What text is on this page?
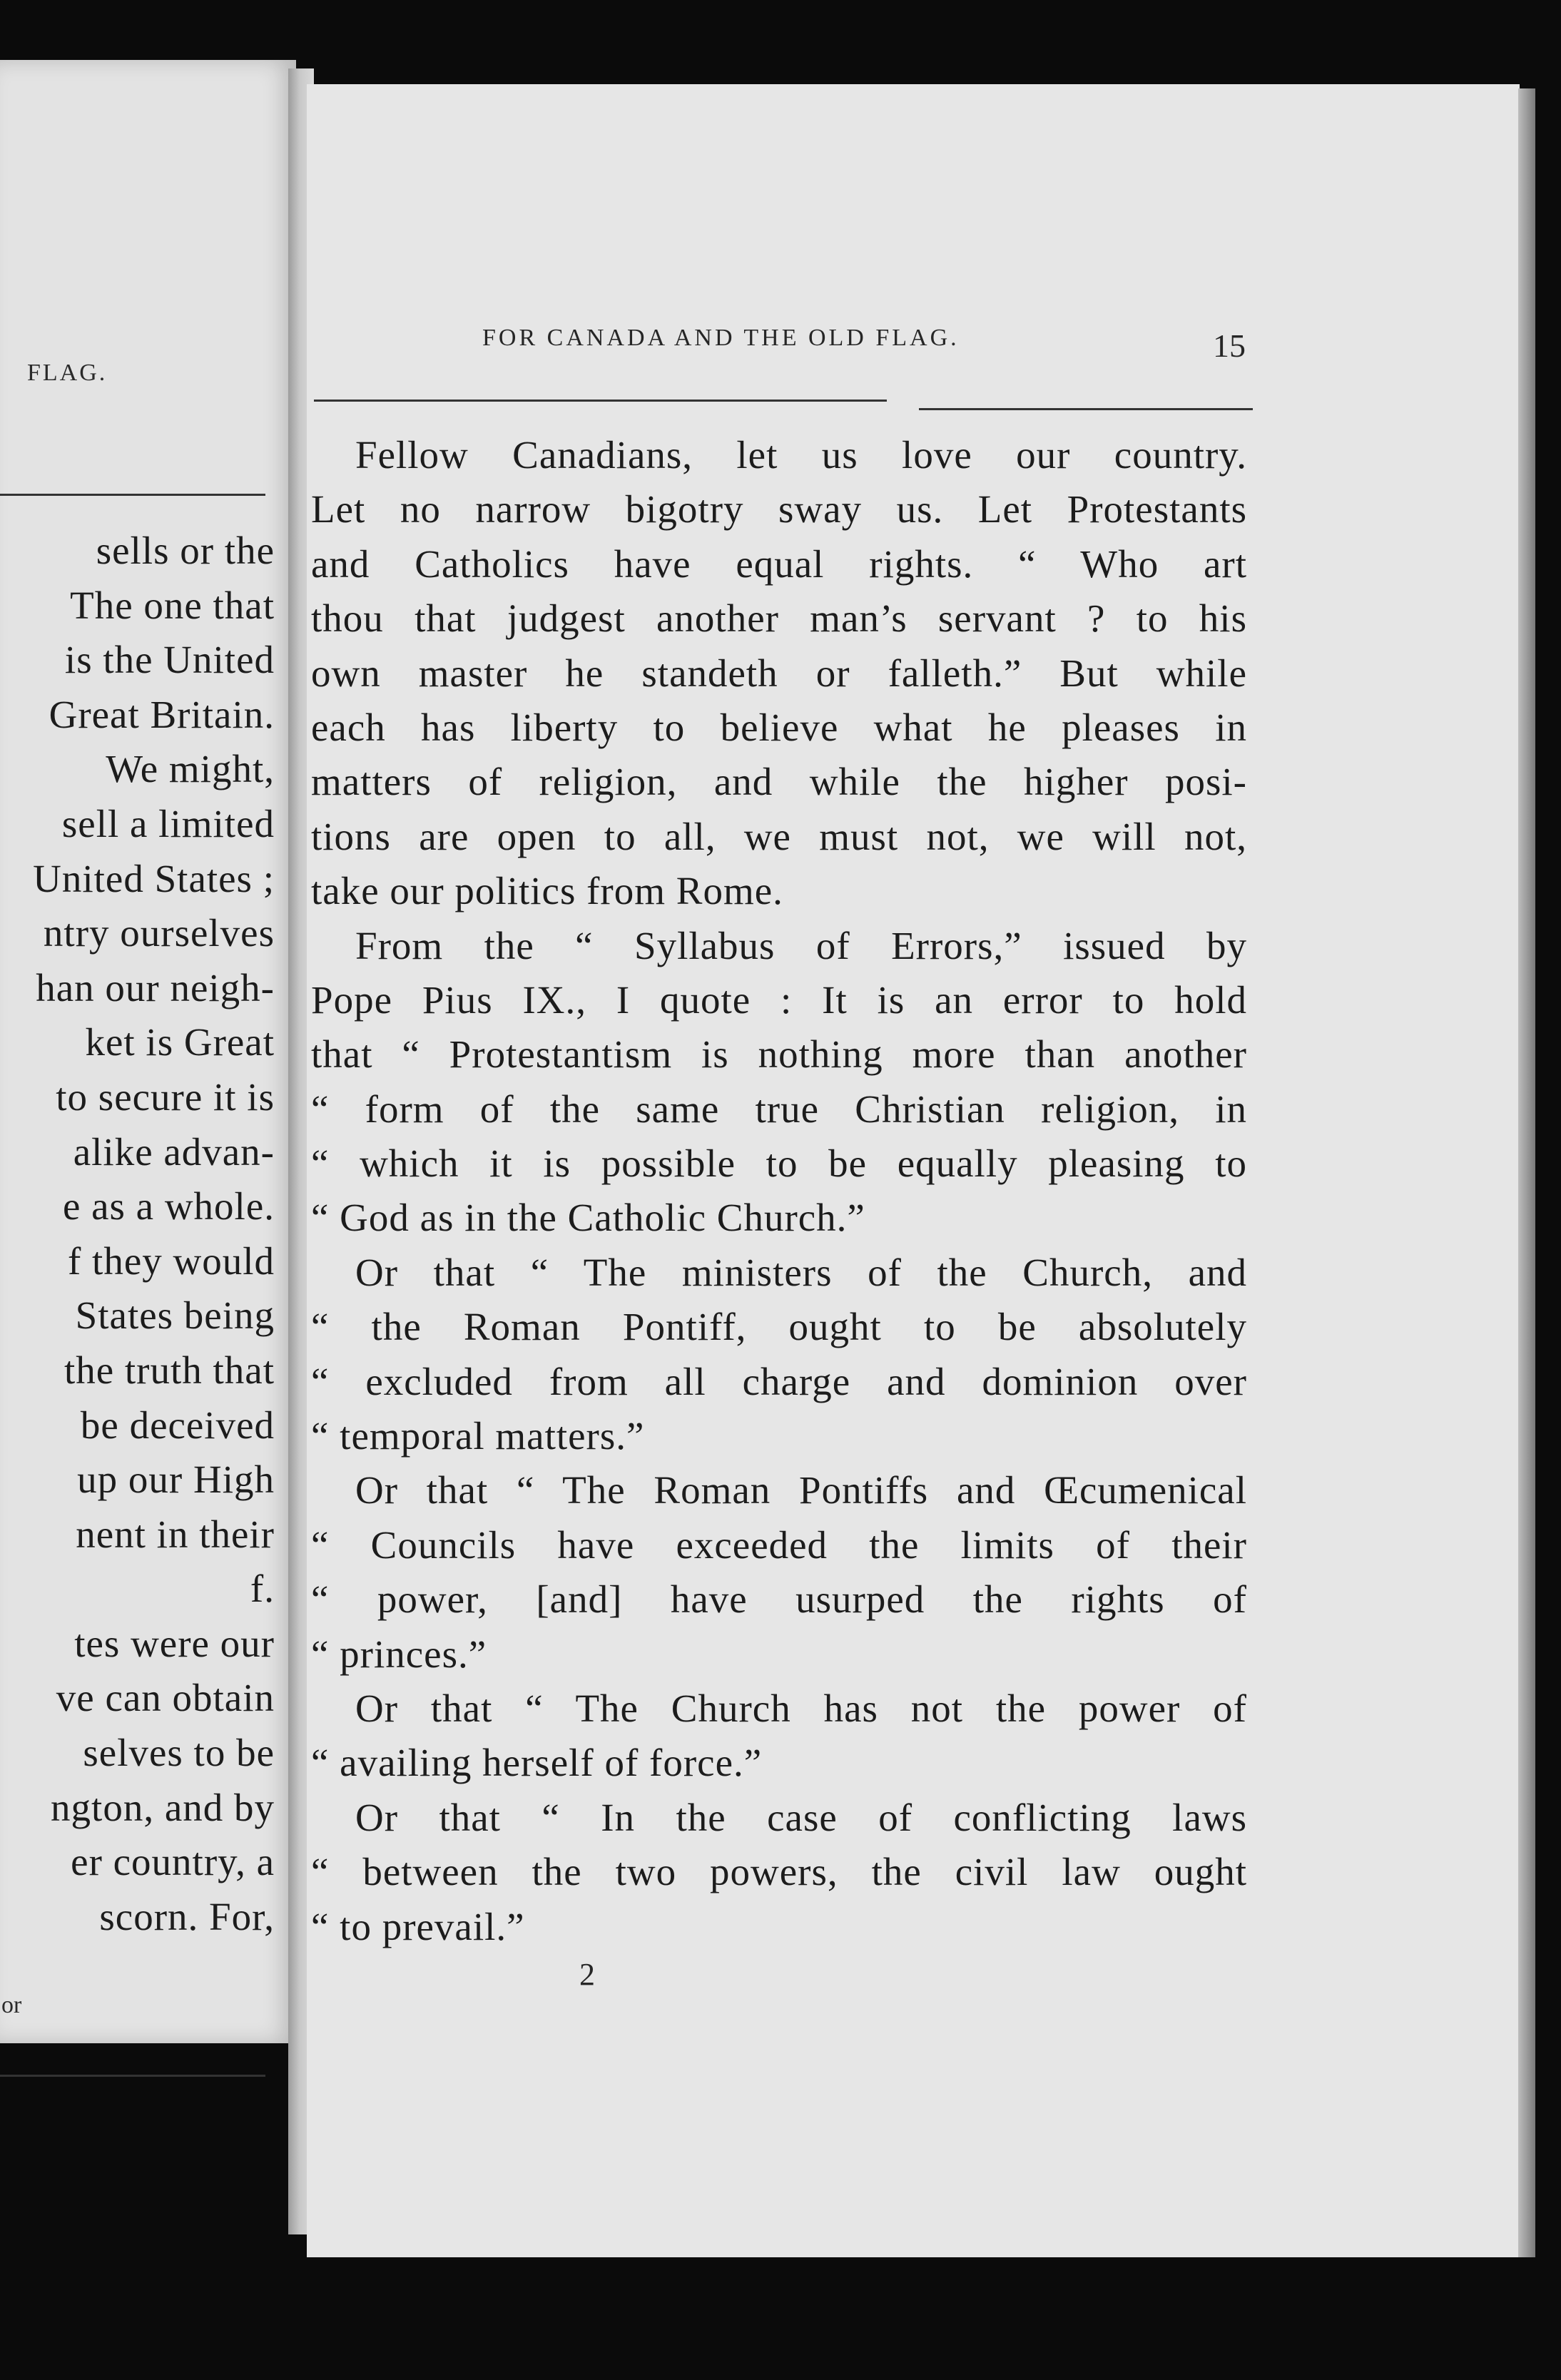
FLAG.
sells or the
The one that
is the United
Great Britain.
We might,
sell a limited
United States ;
ntry ourselves
han our neigh-
ket is Great
to secure it is
alike advan-
e as a whole.
f they would
States being
the truth that
be deceived
up our High
nent in their
f.
tes were our
ve can obtain
selves to be
ngton, and by
er country, a
scorn. For,
or
FOR CANADA AND THE OLD FLAG.	15
Fellow Canadians, let us love our country.
Let no narrow bigotry sway us. Let Protestants
and Catholics have equal rights. “ Who art
thou that judgest another man’s servant ? to his
own master he standeth or falleth.” But while
each has liberty to believe what he pleases in
matters of religion, and while the higher posi-
tions are open to all, we must not, we will not,
take our politics from Rome.
From the “ Syllabus of Errors,” issued by
Pope Pius IX., I quote : It is an error to hold
that “ Protestantism is nothing more than another
“ form of the same true Christian religion, in
“ which it is possible to be equally pleasing to
“ God as in the Catholic Church.”
Or that “ The ministers of the Church, and
“ the Roman Pontiff, ought to be absolutely
“ excluded from all charge and dominion over
“ temporal matters.”
Or that “ The Roman Pontiffs and Œcumenical
“ Councils have exceeded the limits of their
“ power, [and] have usurped the rights of
“ princes.”
Or that “ The Church has not the power of
“ availing herself of force.”
Or that “ In the case of conflicting laws
“ between the two powers, the civil law ought
“ to prevail.”
2
